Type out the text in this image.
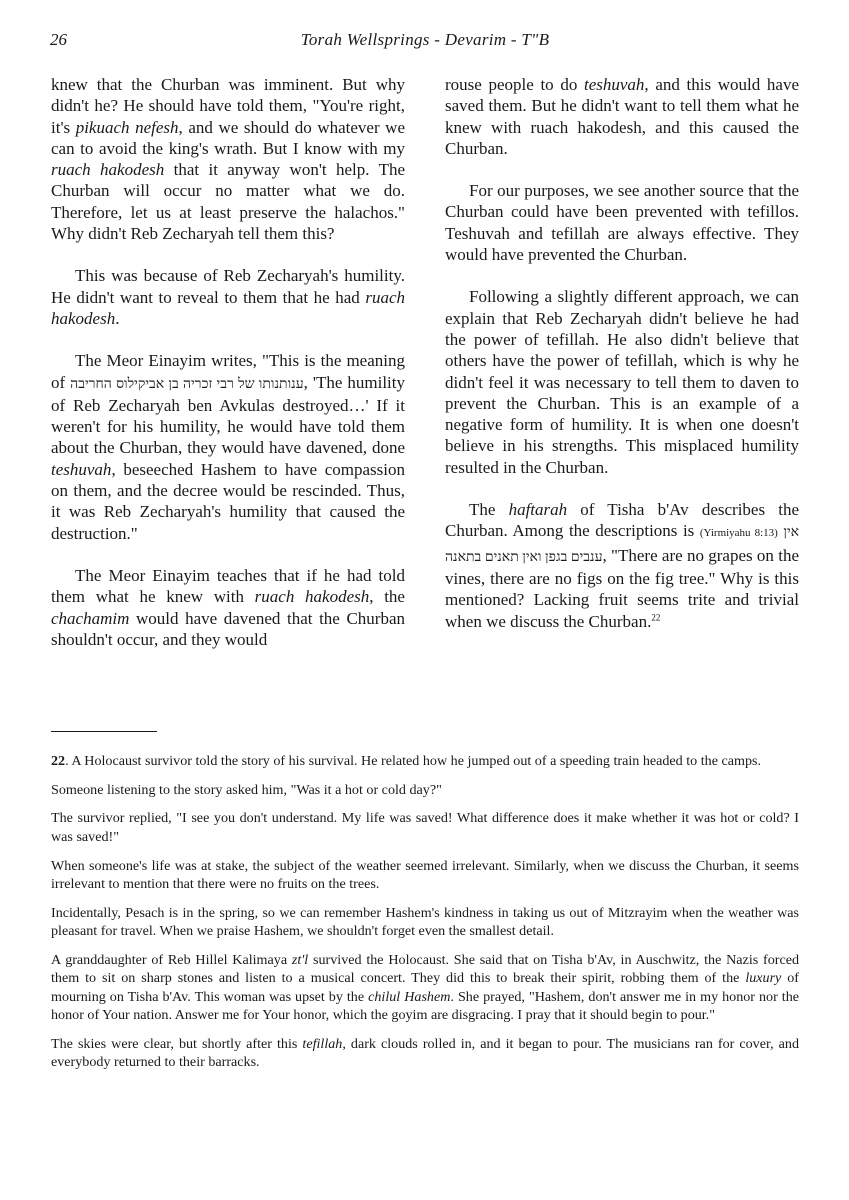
26	Torah Wellsprings - Devarim - T"B

knew that the Churban was imminent. But why didn't he? He should have told them, "You're right, it's pikuach nefesh, and we should do whatever we can to avoid the king's wrath. But I know with my ruach hakodesh that it anyway won't help. The Churban will occur no matter what we do. Therefore, let us at least preserve the halachos." Why didn't Reb Zecharyah tell them this?

This was because of Reb Zecharyah's humility. He didn't want to reveal to them that he had ruach hakodesh.

The Meor Einayim writes, "This is the meaning of ענותנותו של רבי זכריה בן אביקילוס החריבה, 'The humility of Reb Zecharyah ben Avkulas destroyed…' If it weren't for his humility, he would have told them about the Churban, they would have davened, done teshuvah, beseeched Hashem to have compassion on them, and the decree would be rescinded. Thus, it was Reb Zecharyah's humility that caused the destruction."

The Meor Einayim teaches that if he had told them what he knew with ruach hakodesh, the chachamim would have davened that the Churban shouldn't occur, and they would

rouse people to do teshuvah, and this would have saved them. But he didn't want to tell them what he knew with ruach hakodesh, and this caused the Churban.

For our purposes, we see another source that the Churban could have been prevented with tefillos. Teshuvah and tefillah are always effective. They would have prevented the Churban.

Following a slightly different approach, we can explain that Reb Zecharyah didn't believe he had the power of tefillah. He also didn't believe that others have the power of tefillah, which is why he didn't feel it was necessary to tell them to daven to prevent the Churban. This is an example of a negative form of humility. It is when one doesn't believe in his strengths. This misplaced humility resulted in the Churban.

The haftarah of Tisha b'Av describes the Churban. Among the descriptions is (Yirmiyahu 8:13) אין ענבים בגפן ואין תאנים בתאנה, "There are no grapes on the vines, there are no figs on the fig tree." Why is this mentioned? Lacking fruit seems trite and trivial when we discuss the Churban.$^{22}$

22. A Holocaust survivor told the story of his survival. He related how he jumped out of a speeding train headed to the camps.

Someone listening to the story asked him, "Was it a hot or cold day?"

The survivor replied, "I see you don't understand. My life was saved! What difference does it make whether it was hot or cold? I was saved!"

When someone's life was at stake, the subject of the weather seemed irrelevant. Similarly, when we discuss the Churban, it seems irrelevant to mention that there were no fruits on the trees.

Incidentally, Pesach is in the spring, so we can remember Hashem's kindness in taking us out of Mitzrayim when the weather was pleasant for travel. When we praise Hashem, we shouldn't forget even the smallest detail.

A granddaughter of Reb Hillel Kalimaya zt'l survived the Holocaust. She said that on Tisha b'Av, in Auschwitz, the Nazis forced them to sit on sharp stones and listen to a musical concert. They did this to break their spirit, robbing them of the luxury of mourning on Tisha b'Av. This woman was upset by the chilul Hashem. She prayed, "Hashem, don't answer me in my honor nor the honor of Your nation. Answer me for Your honor, which the goyim are disgracing. I pray that it should begin to pour."

The skies were clear, but shortly after this tefillah, dark clouds rolled in, and it began to pour. The musicians ran for cover, and everybody returned to their barracks.
